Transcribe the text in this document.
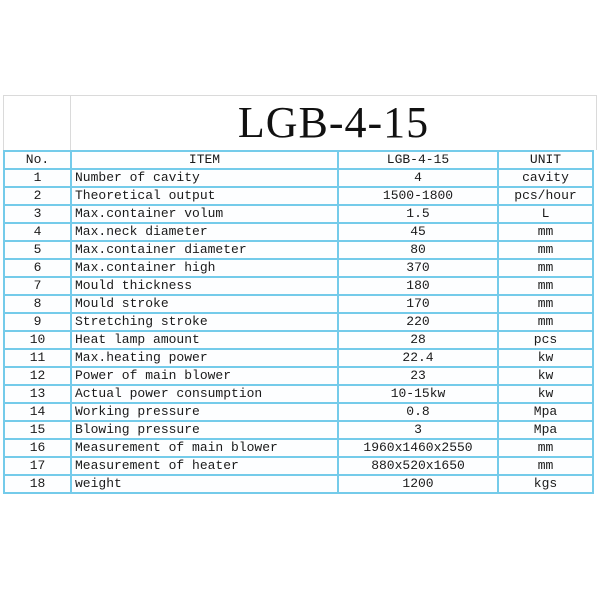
LGB-4-15
No.	ITEM	LGB-4-15	UNIT
1	Number of cavity	4	cavity
2	Theoretical output	1500-1800	pcs/hour
3	Max.container volum	1.5	L
4	Max.neck diameter	45	mm
5	Max.container diameter	80	mm
6	Max.container high	370	mm
7	Mould thickness	180	mm
8	Mould stroke	170	mm
9	Stretching stroke	220	mm
10	Heat lamp amount	28	pcs
11	Max.heating power	22.4	kw
12	Power of main blower	23	kw
13	Actual power consumption	10-15kw	kw
14	Working pressure	0.8	Mpa
15	Blowing pressure	3	Mpa
16	Measurement of main blower	1960x1460x2550	mm
17	Measurement of heater	880x520x1650	mm
18	weight	1200	kgs
